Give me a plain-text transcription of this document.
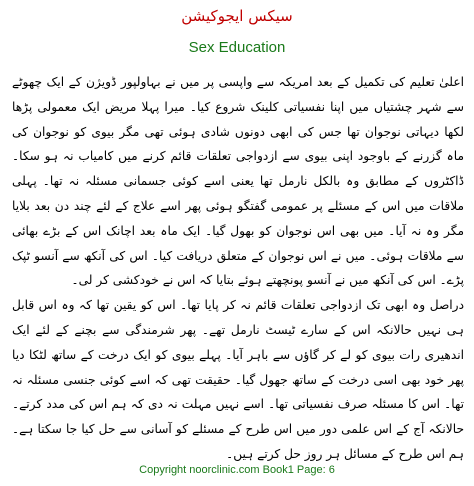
سیکس ایجوکیشن
Sex Education

اعلیٰ تعلیم کی تکمیل کے بعد امریکہ سے واپسی پر میں نے بہاولپور ڈویژن کے ایک چھوٹے سے شہر چشتیاں میں اپنا نفسیاتی کلینک شروع کیا۔ میرا پہلا مریض ایک معمولی پڑھا لکھا دیہاتی نوجوان تھا جس کی ابھی دونوں شادی ہوئی تھی مگر بیوی کو نوجوان کی ماہ گزرنے کے باوجود اپنی بیوی سے ازدواجی تعلقات قائم کرنے میں کامیاب نہ ہو سکا۔ ڈاکٹروں کے مطابق وہ بالکل نارمل تھا یعنی اسے کوئی جسمانی مسئلہ نہ تھا۔ پہلی ملاقات میں اس کے مسئلے پر عمومی گفتگو ہوئی پھر اسے علاج کے لئے چند دن بعد بلایا مگر وہ نہ آیا۔ میں بھی اس نوجوان کو بھول گیا۔ ایک ماہ بعد اچانک اس کے بڑے بھائی سے ملاقات ہوئی۔ میں نے اس نوجوان کے متعلق دریافت کیا۔ اس کی آنکھ سے آنسو ٹپک پڑے۔ اس کی آنکھ میں نے آنسو پونچھتے ہوئے بتایا کہ اس نے خودکشی کر لی۔

دراصل وہ ابھی تک ازدواجی تعلقات قائم نہ کر پایا تھا۔ اس کو یقین تھا کہ وہ اس قابل ہی نہیں حالانکہ اس کے سارے ٹیسٹ نارمل تھے۔ پھر شرمندگی سے بچنے کے لئے ایک اندھیری رات بیوی کو لے کر گاؤں سے باہر آیا۔ پہلے بیوی کو ایک درخت کے ساتھ لٹکا دیا پھر خود بھی اسی درخت کے ساتھ جھول گیا۔ حقیقت تھی کہ اسے کوئی جنسی مسئلہ نہ تھا۔ اس کا مسئلہ صرف نفسیاتی تھا۔ اسے نہیں مہلت نہ دی کہ ہم اس کی مدد کرتے۔ حالانکہ آج کے اس علمی دور میں اس طرح کے مسئلے کو آسانی سے حل کیا جا سکتا ہے۔ ہم اس طرح کے مسائل ہر روز حل کرتے ہیں۔

Copyright noorclinic.com Book1 Page: 6
